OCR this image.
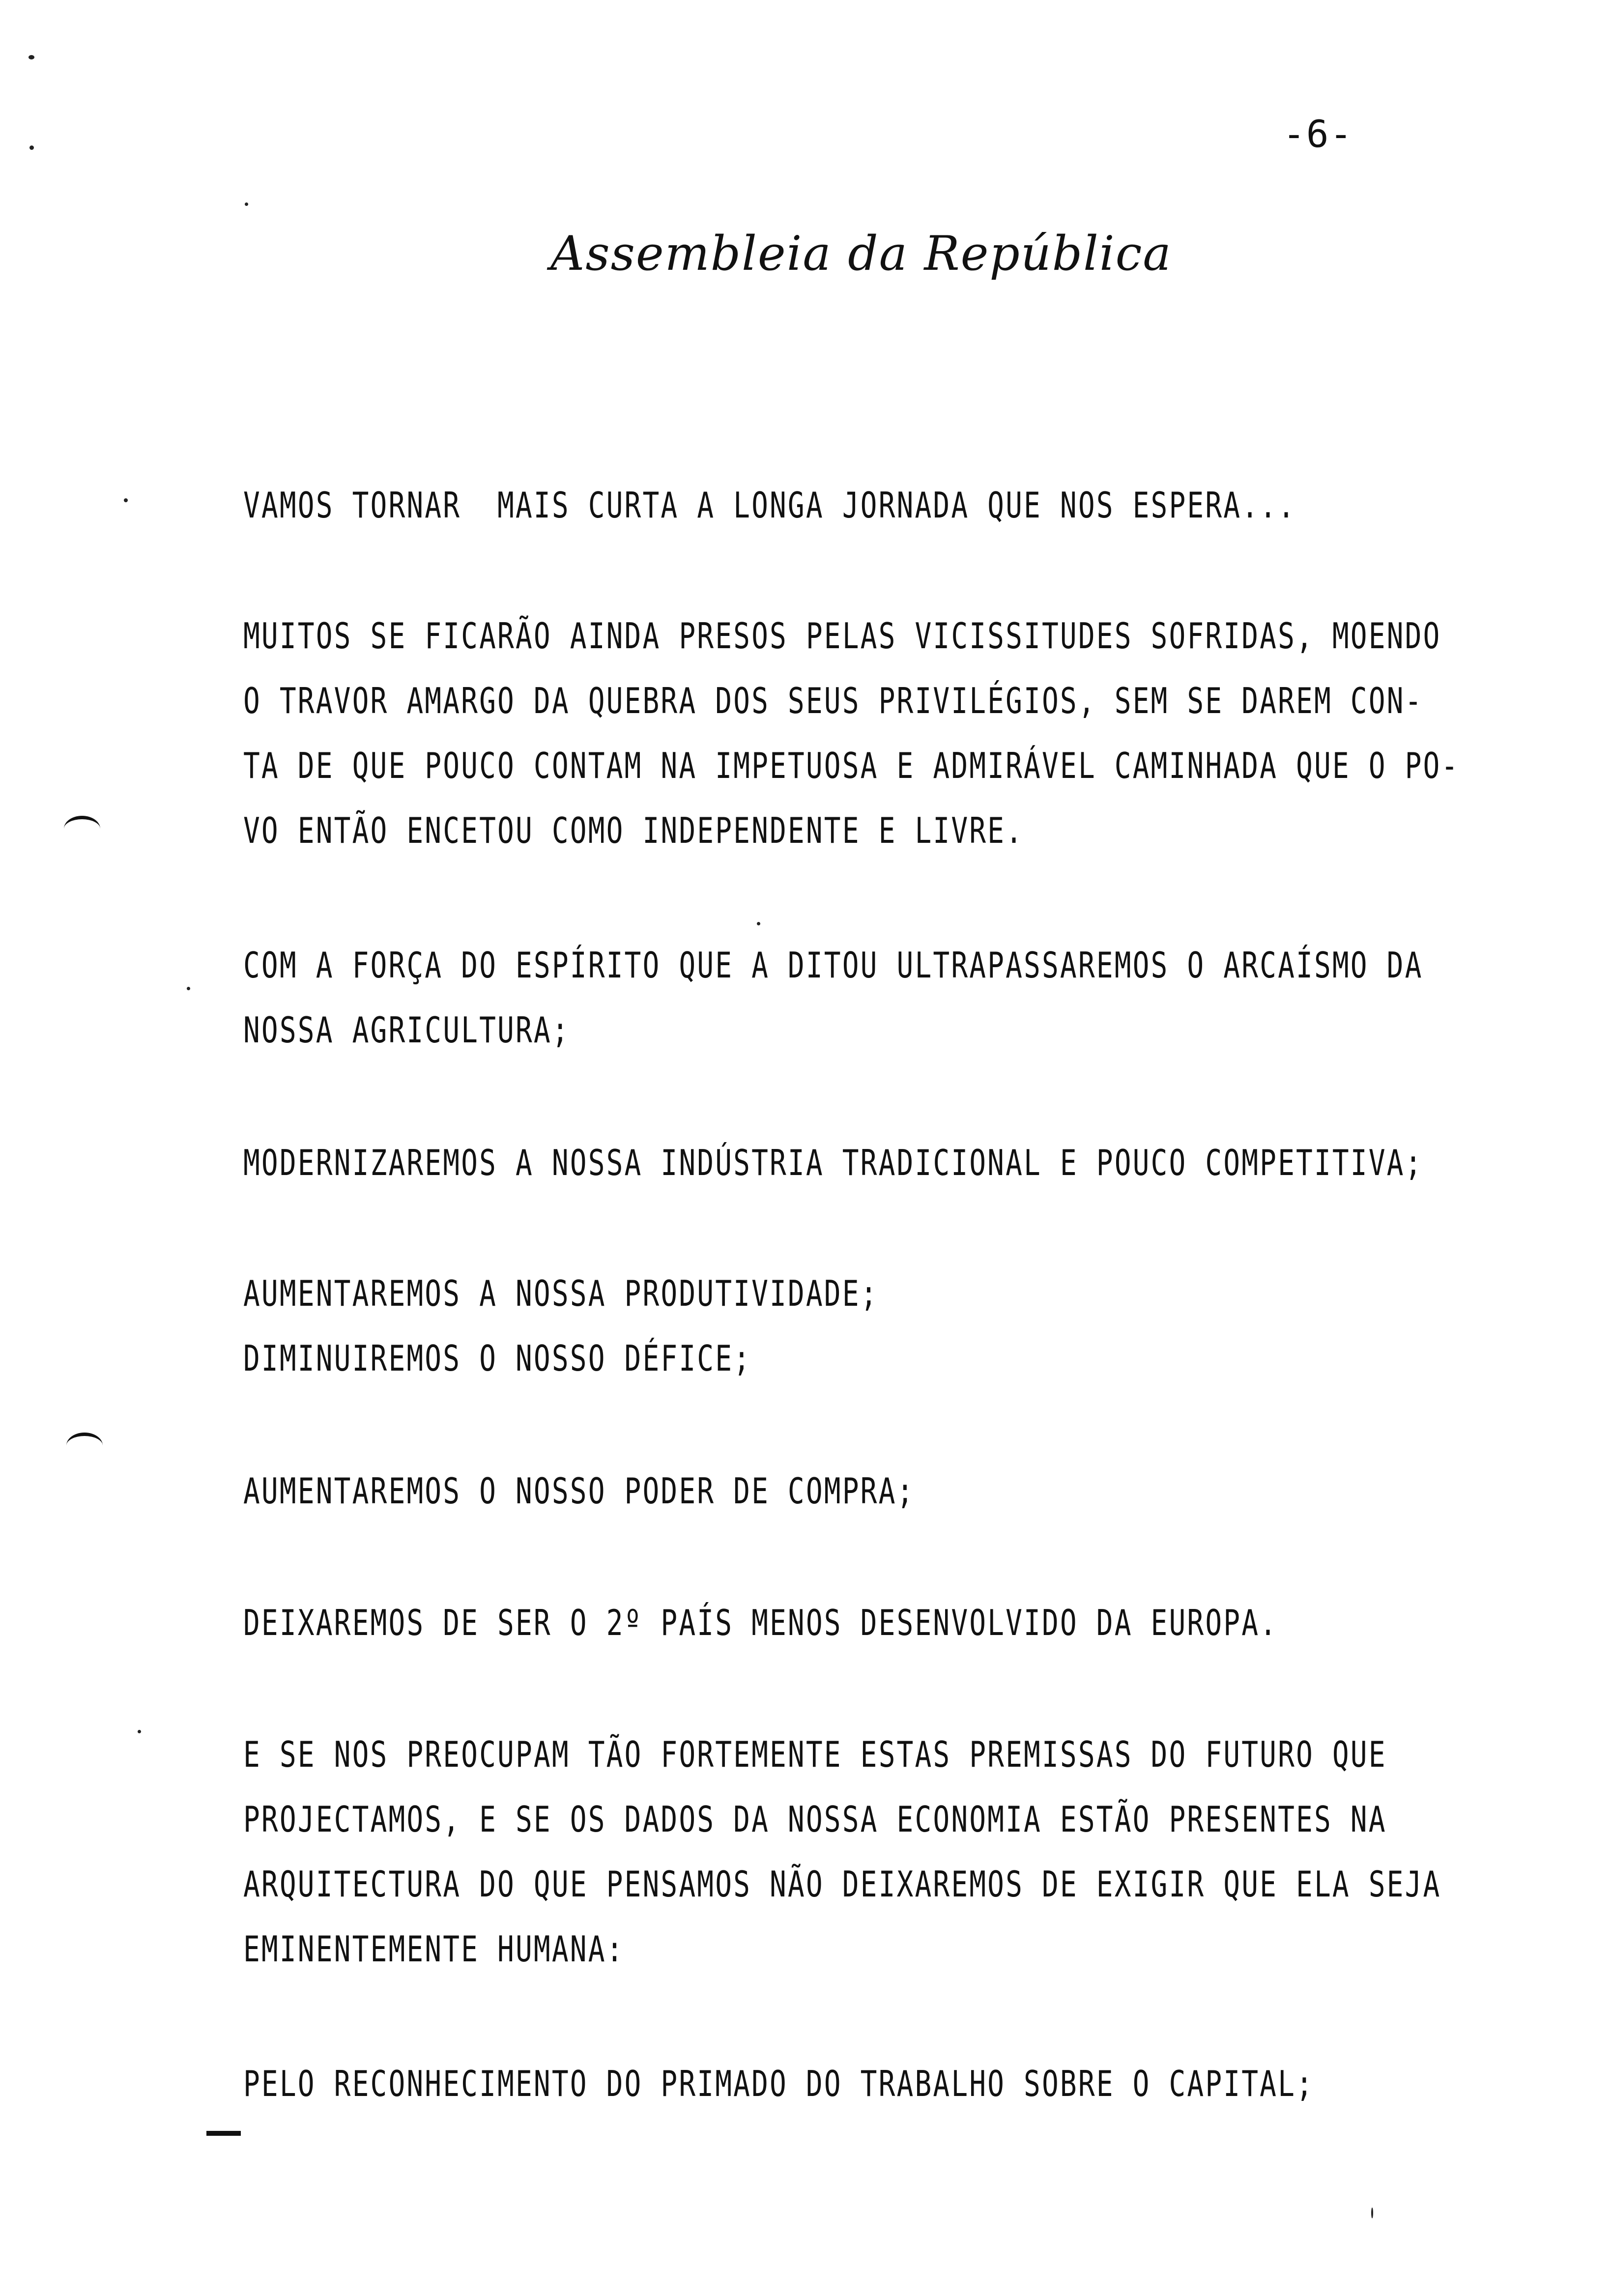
-6-
Assembleia da República
VAMOS TORNAR  MAIS CURTA A LONGA JORNADA QUE NOS ESPERA...
MUITOS SE FICARÃO AINDA PRESOS PELAS VICISSITUDES SOFRIDAS, MOENDO
O TRAVOR AMARGO DA QUEBRA DOS SEUS PRIVILÉGIOS, SEM SE DAREM CON-
TA DE QUE POUCO CONTAM NA IMPETUOSA E ADMIRÁVEL CAMINHADA QUE O PO-
VO ENTÃO ENCETOU COMO INDEPENDENTE E LIVRE.
COM A FORÇA DO ESPÍRITO QUE A DITOU ULTRAPASSAREMOS O ARCAÍSMO DA
NOSSA AGRICULTURA;
MODERNIZAREMOS A NOSSA INDÚSTRIA TRADICIONAL E POUCO COMPETITIVA;
AUMENTAREMOS A NOSSA PRODUTIVIDADE;
DIMINUIREMOS O NOSSO DÉFICE;
AUMENTAREMOS O NOSSO PODER DE COMPRA;
DEIXAREMOS DE SER O 2º PAÍS MENOS DESENVOLVIDO DA EUROPA.
E SE NOS PREOCUPAM TÃO FORTEMENTE ESTAS PREMISSAS DO FUTURO QUE
PROJECTAMOS, E SE OS DADOS DA NOSSA ECONOMIA ESTÃO PRESENTES NA
ARQUITECTURA DO QUE PENSAMOS NÃO DEIXAREMOS DE EXIGIR QUE ELA SEJA
EMINENTEMENTE HUMANA:
PELO RECONHECIMENTO DO PRIMADO DO TRABALHO SOBRE O CAPITAL;
